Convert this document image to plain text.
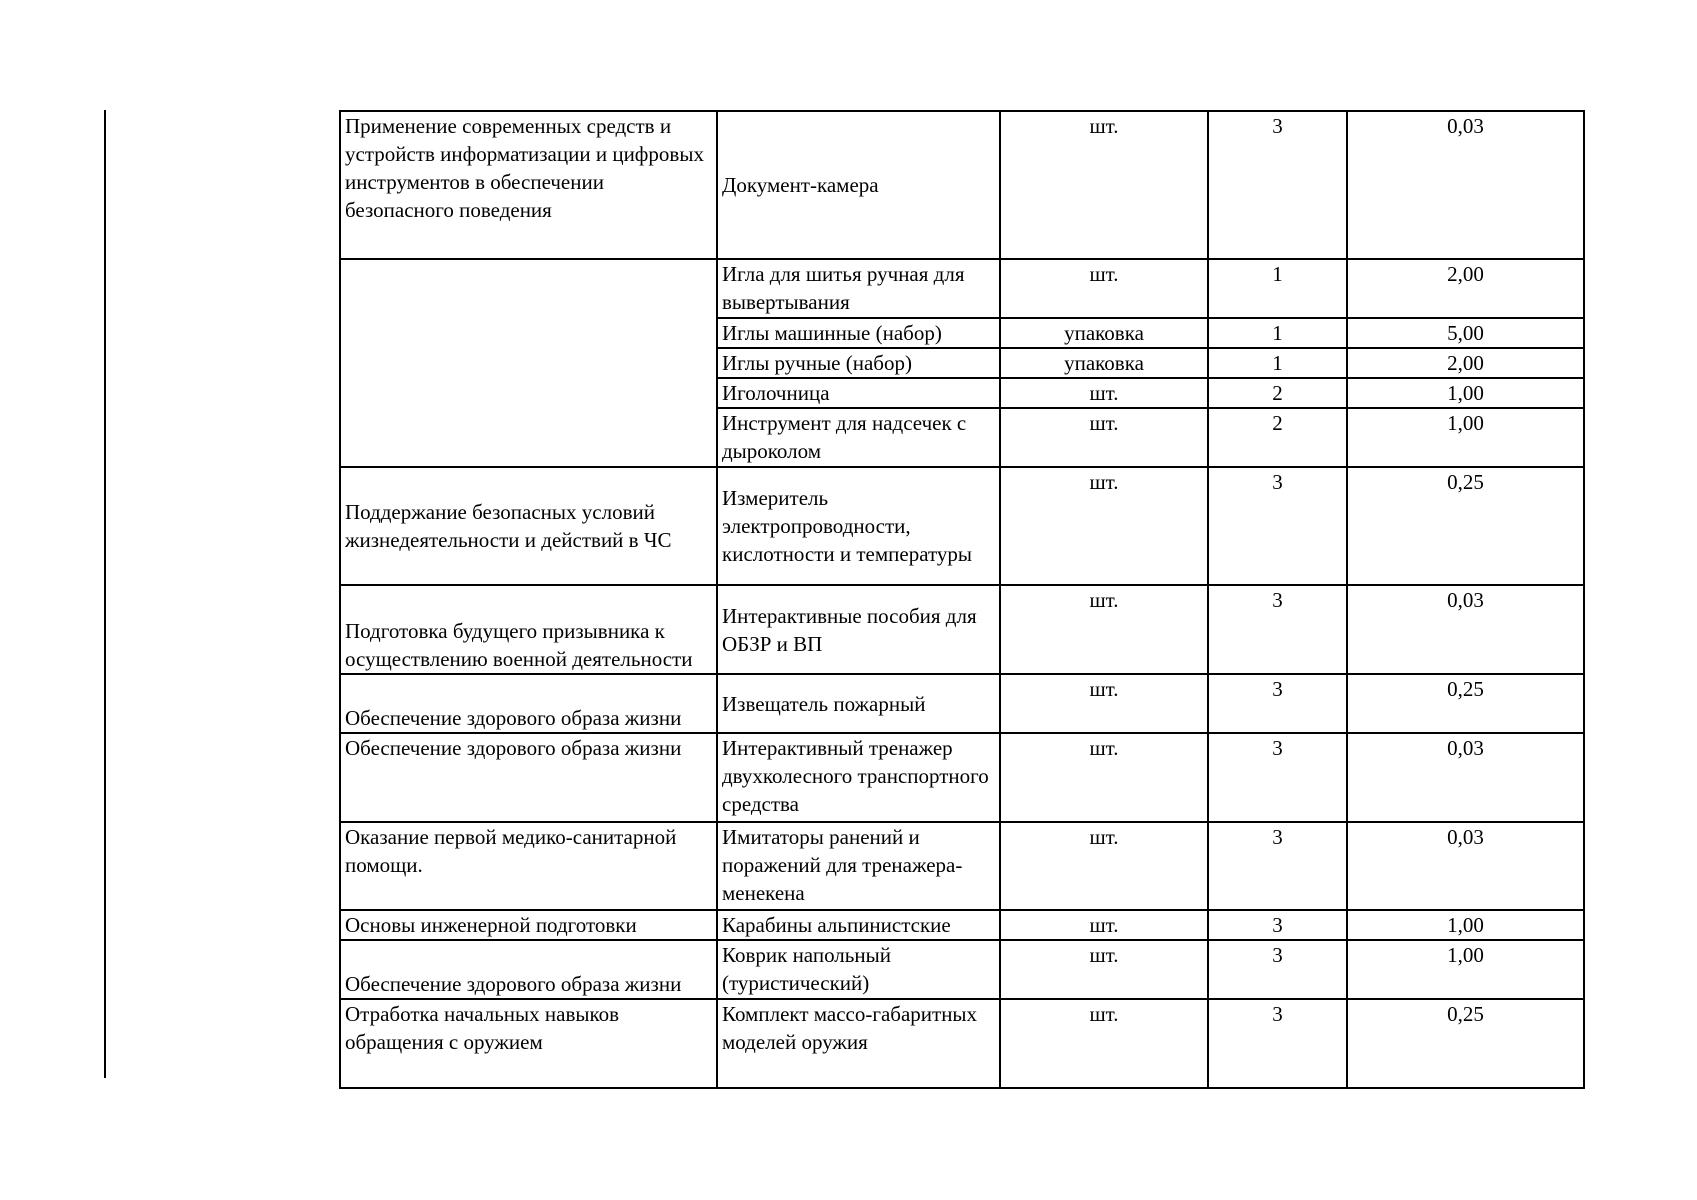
Применение современных средств и устройств информатизации и цифровых инструментов в обеспечении безопасного поведения	Документ-камера	шт.	3	0,03
	Игла для шитья ручная для вывертывания	шт.	1	2,00
	Иглы машинные (набор)	упаковка	1	5,00
	Иглы ручные (набор)	упаковка	1	2,00
	Иголочница	шт.	2	1,00
	Инструмент для надсечек с дыроколом	шт.	2	1,00
Поддержание безопасных условий жизнедеятельности и действий в ЧС	Измеритель электропроводности, кислотности и температуры	шт.	3	0,25
Подготовка будущего призывника к осуществлению военной деятельности	Интерактивные пособия для ОБЗР и ВП	шт.	3	0,03
Обеспечение здорового образа жизни	Извещатель пожарный	шт.	3	0,25
Обеспечение здорового образа жизни	Интерактивный тренажер двухколесного транспортного средства	шт.	3	0,03
Оказание первой медико-санитарной помощи.	Имитаторы ранений и поражений для тренажера-менекена	шт.	3	0,03
Основы инженерной подготовки	Карабины альпинистские	шт.	3	1,00
Обеспечение здорового образа жизни	Коврик напольный (туристический)	шт.	3	1,00
Отработка начальных навыков обращения с оружием	Комплект массо-габаритных моделей оружия	шт.	3	0,25
